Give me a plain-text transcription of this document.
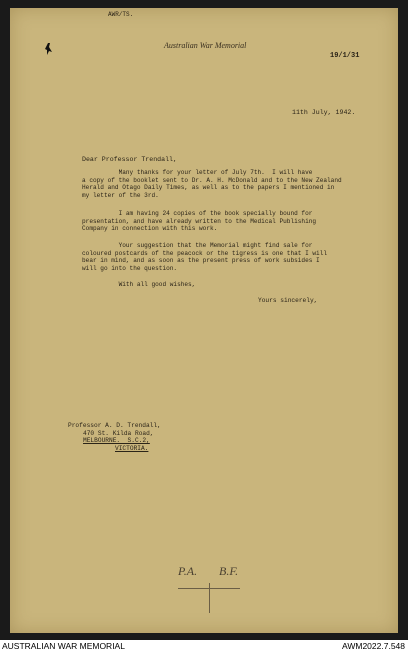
AWR/TS.
Australian War Memorial
19/1/31
11th July, 1942.
Dear Professor Trendall,
Many thanks for your letter of July 7th.  I will have
a copy of the booklet sent to Dr. A. H. McDonald and to the New Zealand
Herald and Otago Daily Times, as well as to the papers I mentioned in
my letter of the 3rd.
I am having 24 copies of the book specially bound for
presentation, and have already written to the Medical Publishing
Company in connection with this work.
Your suggestion that the Memorial might find sale for
coloured postcards of the peacock or the tigress is one that I will
bear in mind, and as soon as the present press of work subsides I
will go into the question.
With all good wishes,
Yours sincerely,
Professor A. D. Trendall,
470 St. Kilda Road,
MELBOURNE.  S.C.2,
VICTORIA.
P.A. B.F.
AUSTRALIAN WAR MEMORIAL	AWM2022.7.548
